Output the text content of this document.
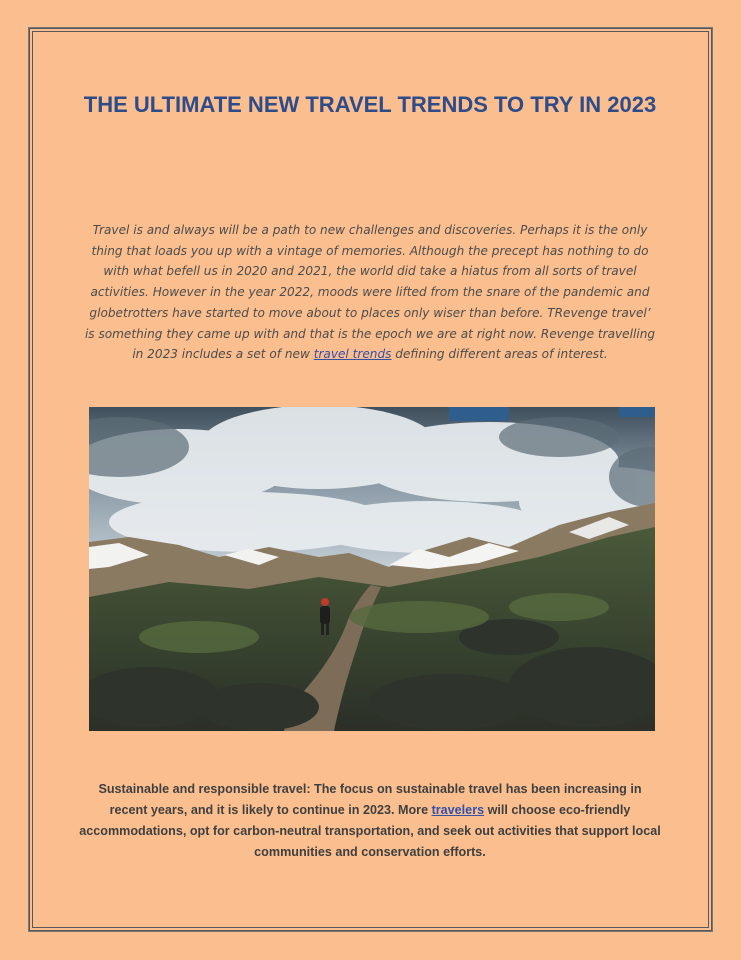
THE ULTIMATE NEW TRAVEL TRENDS TO TRY IN 2023

Travel is and always will be a path to new challenges and discoveries. Perhaps it is the only thing that loads you up with a vintage of memories. Although the precept has nothing to do with what befell us in 2020 and 2021, the world did take a hiatus from all sorts of travel activities. However in the year 2022, moods were lifted from the snare of the pandemic and globetrotters have started to move about to places only wiser than before. TRevenge travel’ is something they came up with and that is the epoch we are at right now. Revenge travelling in 2023 includes a set of new travel trends defining different areas of interest.

Sustainable and responsible travel: The focus on sustainable travel has been increasing in recent years, and it is likely to continue in 2023. More travelers will choose eco-friendly accommodations, opt for carbon-neutral transportation, and seek out activities that support local communities and conservation efforts.
